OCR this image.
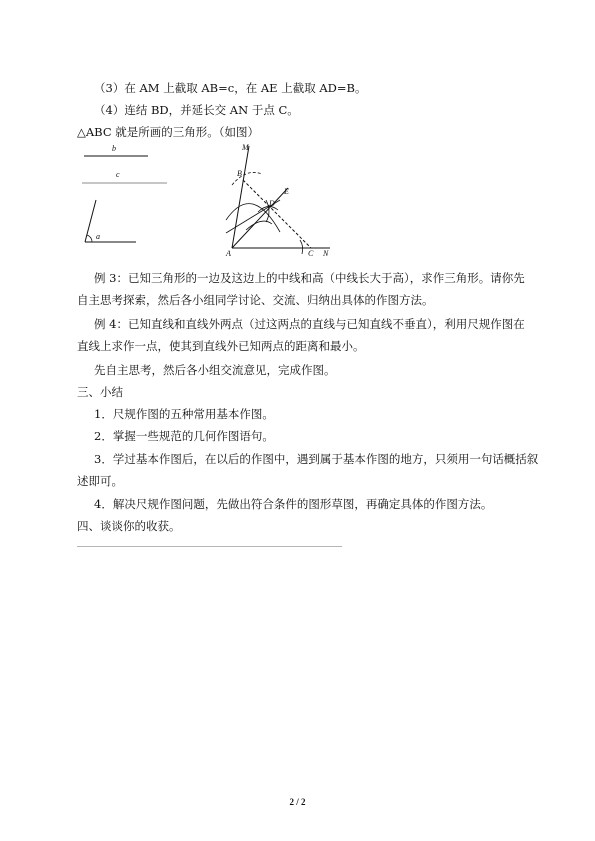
（3）在 AM 上截取 AB=c，在 AE 上截取 AD=B。
（4）连结 BD，并延长交 AN 于点 C。
△ABC 就是所画的三角形。（如图）
b
c
a
M
B
E
D
A	C N
例 3：已知三角形的一边及这边上的中线和高（中线长大于高），求作三角形。请你先
自主思考探索，然后各小组同学讨论、交流、归纳出具体的作图方法。
例 4：已知直线和直线外两点（过这两点的直线与已知直线不垂直），利用尺规作图在
直线上求作一点，使其到直线外已知两点的距离和最小。
先自主思考，然后各小组交流意见，完成作图。
三、小结
1．尺规作图的五种常用基本作图。
2．掌握一些规范的几何作图语句。
3．学过基本作图后，在以后的作图中，遇到属于基本作图的地方，只须用一句话概括叙
述即可。
4．解决尺规作图问题，先做出符合条件的图形草图，再确定具体的作图方法。
四、谈谈你的收获。
2 / 2
